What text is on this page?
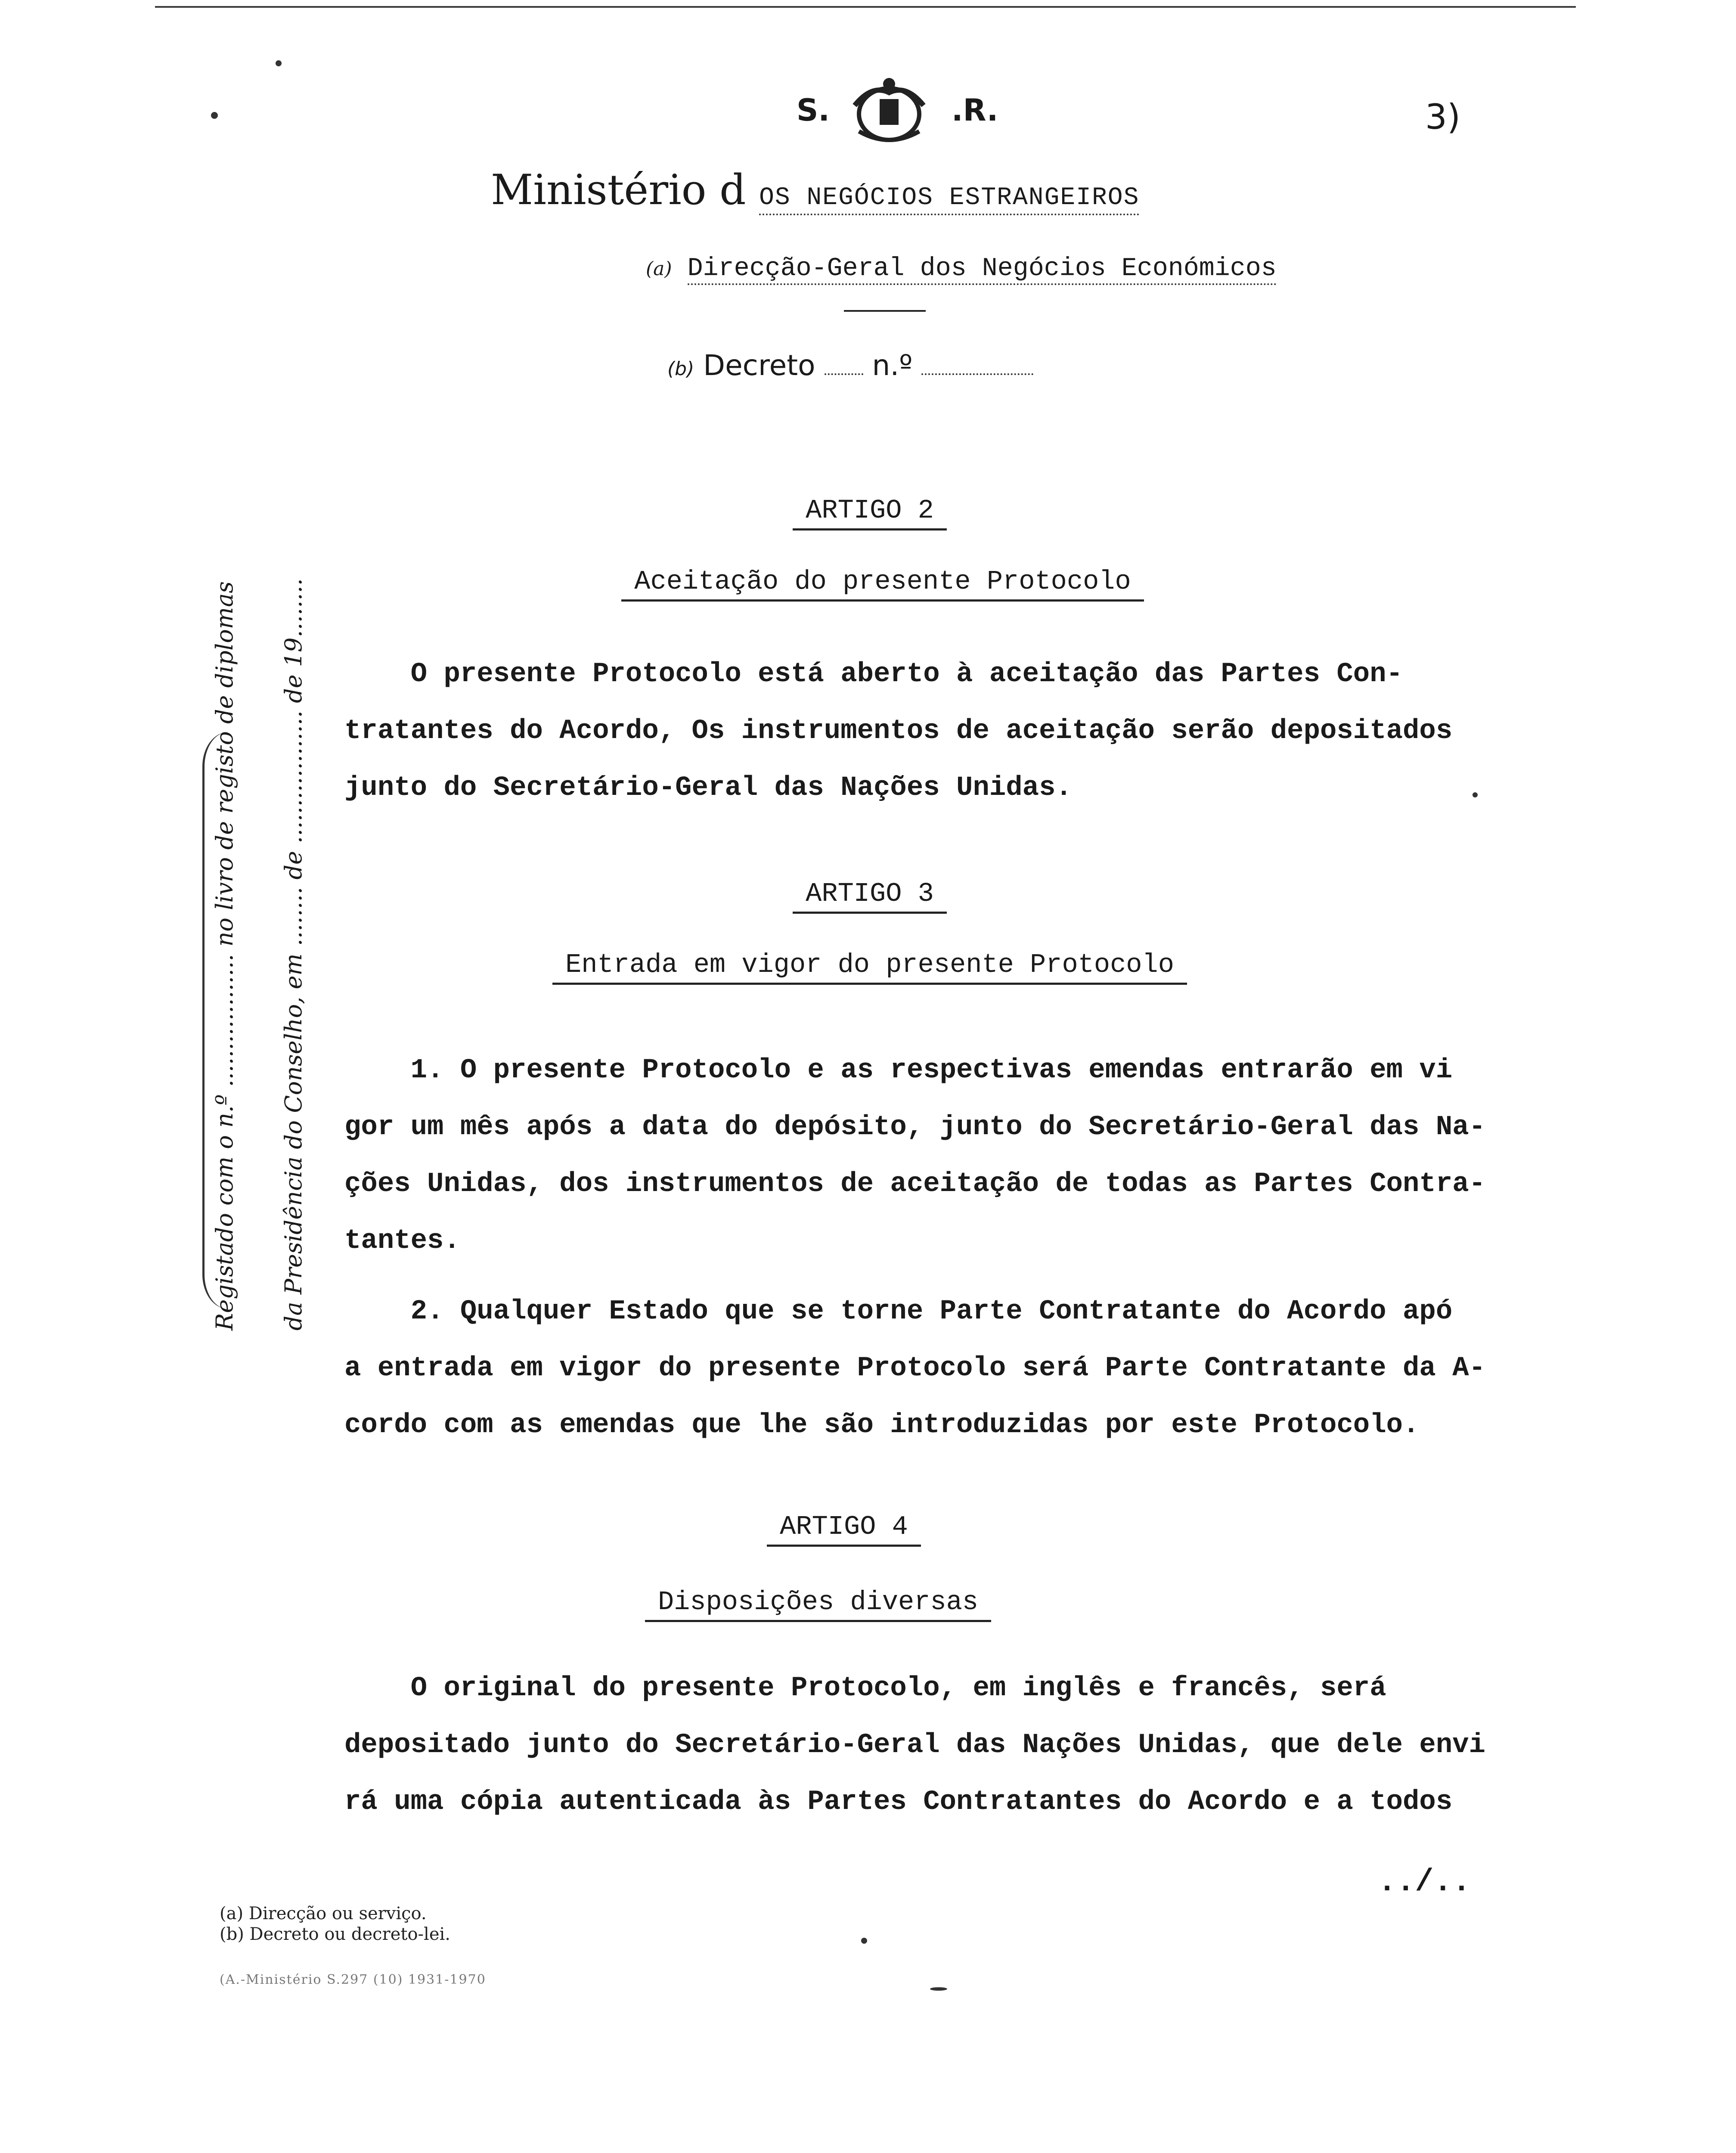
S.	.R.	3)
Ministério d OS NEGÓCIOS ESTRANGEIROS
(a) Direcção-Geral dos Negócios Económicos
(b) Decreto n.º
Registado com o n.º .................. no livro de registo de diplomas da Presidência do Conselho, em ........ de .................. de 19........
ARTIGO 2
Aceitação do presente Protocolo
O presente Protocolo está aberto à aceitação das Partes Con-
tratantes do Acordo, Os instrumentos de aceitação serão depositados
junto do Secretário-Geral das Nações Unidas.
ARTIGO 3
Entrada em vigor do presente Protocolo
1. O presente Protocolo e as respectivas emendas entrarão em vi
gor um mês após a data do depósito, junto do Secretário-Geral das Na-
ções Unidas, dos instrumentos de aceitação de todas as Partes Contra-
tantes.
2. Qualquer Estado que se torne Parte Contratante do Acordo apó
a entrada em vigor do presente Protocolo será Parte Contratante da A-
cordo com as emendas que lhe são introduzidas por este Protocolo.
ARTIGO 4
Disposições diversas
O original do presente Protocolo, em inglês e francês, será
depositado junto do Secretário-Geral das Nações Unidas, que dele envi
rá uma cópia autenticada às Partes Contratantes do Acordo e a todos
../..
(a) Direcção ou serviço.
(b) Decreto ou decreto-lei.
(A.-Ministério S.297 (10) 1931-1970
